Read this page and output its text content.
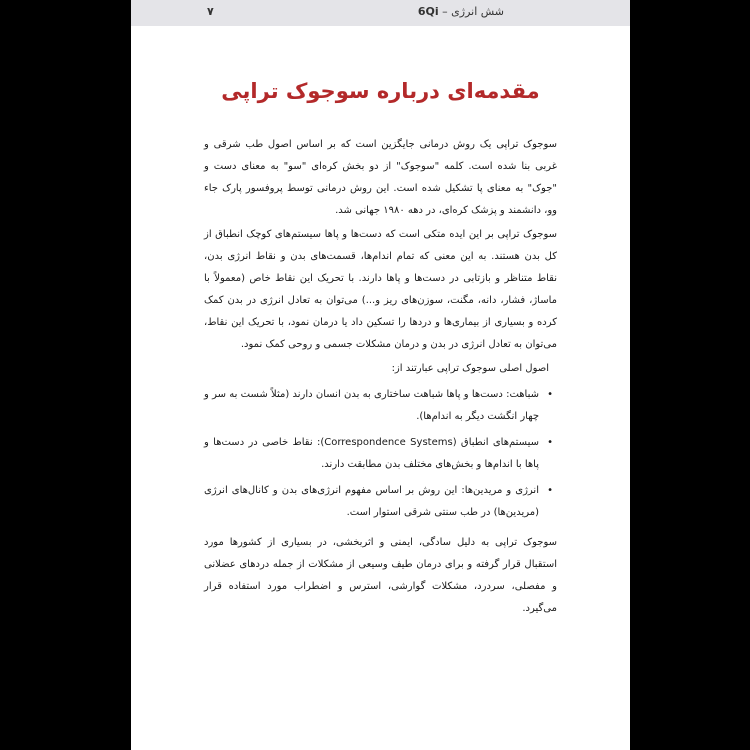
۷	شش انرژی – 6Qi
مقدمه‌ای درباره سوجوک تراپی

سوجوک تراپی یک روش درمانی جایگزین است که بر اساس اصول طب شرقی و غربی بنا شده است. کلمه "سوجوک" از دو بخش کره‌ای "سو" به معنای دست و "جوک" به معنای پا تشکیل شده است. این روش درمانی توسط پروفسور پارک جاء وو، دانشمند و پزشک کره‌ای، در دهه ۱۹۸۰ جهانی شد.

سوجوک تراپی بر این ایده متکی است که دست‌ها و پاها سیستم‌های کوچک انطباق از کل بدن هستند. به این معنی که تمام اندام‌ها، قسمت‌های بدن و نقاط انرژی بدن، نقاط متناظر و بازتابی در دست‌ها و پاها دارند. با تحریک این نقاط خاص (معمولاً با ماساژ، فشار، دانه، مگنت، سوزن‌های ریز و...) می‌توان به تعادل انرژی در بدن کمک کرده و بسیاری از بیماری‌ها و دردها را تسکین داد یا درمان نمود، با تحریک این نقاط، می‌توان به تعادل انرژی در بدن و درمان مشکلات جسمی و روحی کمک نمود.

اصول اصلی سوجوک تراپی عبارتند از:

•
شباهت: دست‌ها و پاها شباهت ساختاری به بدن انسان دارند (مثلاً شست به سر و چهار انگشت دیگر به اندام‌ها).
•
سیستم‌های انطباق (Correspondence Systems): نقاط خاصی در دست‌ها و پاها با اندام‌ها و بخش‌های مختلف بدن مطابقت دارند.
•
انرژی و مریدین‌ها: این روش بر اساس مفهوم انرژی‌های بدن و کانال‌های انرژی (مریدین‌ها) در طب سنتی شرقی استوار است.

سوجوک تراپی به دلیل سادگی، ایمنی و اثربخشی، در بسیاری از کشورها مورد استقبال قرار گرفته و برای درمان طیف وسیعی از مشکلات از جمله دردهای عضلانی و مفصلی، سردرد، مشکلات گوارشی، استرس و اضطراب مورد استفاده قرار می‌گیرد.
